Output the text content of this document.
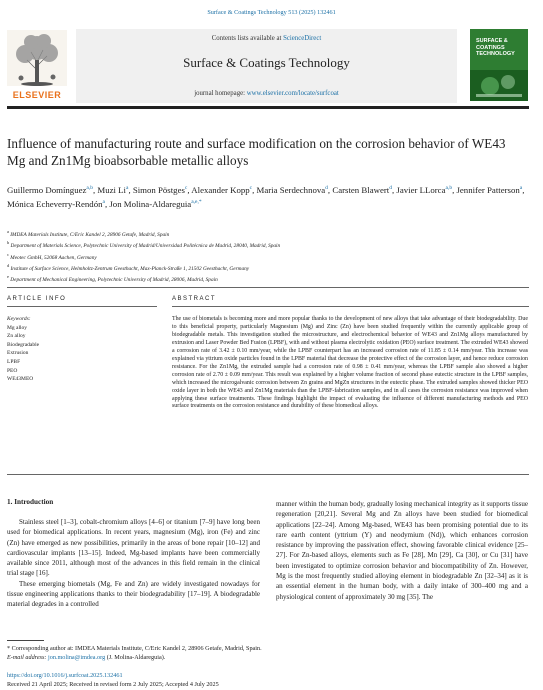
Surface & Coatings Technology 513 (2025) 132461
ELSEVIER
Contents lists available at ScienceDirect
Surface & Coatings Technology
journal homepage: www.elsevier.com/locate/surfcoat
SURFACE &
COATINGS
TECHNOLOGY
Influence of manufacturing route and surface modification on the corrosion behavior of WE43 Mg and Zn1Mg bioabsorbable metallic alloys
Guillermo Domínguez$^{a,b}$, Muzi Li$^a$, Simon Pöstges$^c$, Alexander Kopp$^c$, Maria Serdechnova$^d$, Carsten Blawert$^d$, Javier LLorca$^{a,b}$, Jennifer Patterson$^a$, Mónica Echeverry-Rendón$^a$, Jon Molina-Aldareguia$^{a,e,*}$
$^a$ IMDEA Materials Institute, C/Eric Kandel 2, 28906 Getafe, Madrid, Spain
$^b$ Department of Materials Science, Polytechnic University of Madrid/Universidad Politécnica de Madrid, 28040, Madrid, Spain
$^c$ Meotec GmbH, 52068 Aachen, Germany
$^d$ Institute of Surface Science, Helmholtz-Zentrum Geesthacht, Max-Planck-Straße 1, 21502 Geesthacht, Germany
$^e$ Department of Mechanical Engineering, Polytechnic University of Madrid, 28006, Madrid, Spain
ARTICLE INFO	ABSTRACT
Keywords:
Mg alloy
Zn alloy
Biodegradable
Extrusion
LPBF
PEO
WE43MEO
The use of biometals is becoming more and more popular thanks to the development of new alloys that take advantage of their biodegradability. Due to this beneficial property, particularly Magnesium (Mg) and Zinc (Zn) have been studied frequently within the currently applicable group of biodegradable metals. This investigation studied the microstructure, and electrochemical behavior of WE43 and Zn1Mg alloys manufactured by extrusion and Laser Powder Bed Fusion (LPBF), with and without plasma electrolytic oxidation (PEO) surface treatment. The extruded WE43 showed a corrosion rate of 3.42 ± 0.10 mm/year, while the LPBF counterpart has an increased corrosion rate of 11.85 ± 0.14 mm/year. This increase was explained via yttrium oxide particles found in the LPBF material that decrease the protective effect of the corrosion layer, and hence reduce corrosion resistance. For the Zn1Mg, the extruded sample had a corrosion rate of 0.98 ± 0.41 mm/year, whereas the LPBF sample also showed a higher corrosion rate of 2.70 ± 0.09 mm/year. This result was explained by a higher volume fraction of second phase eutectic structure in the LPBF samples, which increased the microgalvanic corrosion between Zn grains and MgZn structures in the eutectic phase. The extruded samples showed thicker PEO oxide layer in both the WE43 and Zn1Mg materials than the LPBF-fabrication samples, and in all cases the corrosion resistance was improved when applying these surface treatments. These findings highlight the impact of evaluating the influence of different manufacturing methods and PEO surface treatments on the corrosion resistance and durability of these biomedical alloys.
1. Introduction

Stainless steel [1–3], cobalt-chromium alloys [4–6] or titanium [7–9] have long been used for biomedical applications. In recent years, magnesium (Mg), iron (Fe) and zinc (Zn) have emerged as new possibilities, primarily in the areas of bone repair [10–12] and cardiovascular implants [13–15]. Indeed, Mg-based implants have been commercially available since 2011, although most of the advances in this field remain in the clinical trial stage [16].

These emerging biometals (Mg, Fe and Zn) are widely investigated nowadays for tissue engineering applications thanks to their biodegradability [17–19]. A biodegradable material degrades in a controlled

manner within the human body, gradually losing mechanical integrity as it supports tissue regeneration [20,21]. Several Mg and Zn alloys have been studied for biomedical applications [22–24]. Among Mg-based, WE43 has been promising potential due to its rare earth content (yttrium (Y) and neodymium (Nd)), which enhances corrosion resistance by improving the passivation effect, showing favorable clinical evidence [25–27]. For Zn-based alloys, elements such as Fe [28], Mn [29], Ca [30], or Cu [31] have been investigated to optimize corrosion behavior and biocompatibility of Zn. However, Mg is the most frequently studied alloying element in biodegradable Zn [32–34] as it is an essential element in the human body, with a daily intake of 300–400 mg and a physiological content of approximately 30 mg [35]. The

* Corresponding author at: IMDEA Materials Institute, C/Eric Kandel 2, 28906 Getafe, Madrid, Spain.
E-mail address: jon.molina@imdea.org (J. Molina-Aldareguia).
https://doi.org/10.1016/j.surfcoat.2025.132461
Received 21 April 2025; Received in revised form 2 July 2025; Accepted 4 July 2025
